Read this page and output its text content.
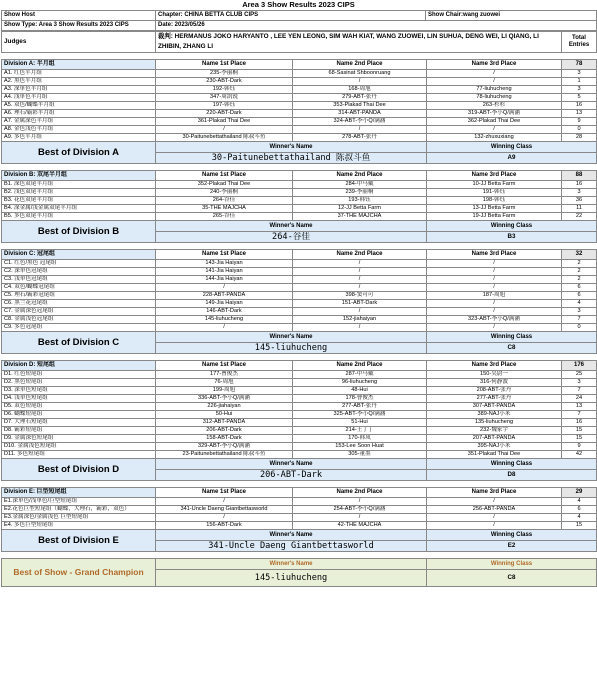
Area 3 Show Results 2023 CIPS
Show Host	Chapter: CHINA BETTA CLUB CIPS	Show Chair:wang zuowei
Show Type: Area 3 Show Results 2023 CIPS	Date: 2023/05/26	
Judges	裁判: HERMANUS JOKO HARYANTO , LEE YEN LEONG, SIM WAH KIAT, WANG ZUOWEI, LIN SUHUA, DENG WEI, LI QIANG, LI ZHIBIN, ZHANG LI	Total Entries

Division A: 半月组	Name 1st Place	Name 2nd Place	Name 3rd Place	78
A1. 红色半月组	235-李丽桐	68-Sasinat Shboonruang	/	3
A2. 黑色半月组	230-ABT-Dark	/	/	1
A3. 深单色半月组	192-韩钰	168-周旭	77-liuhucheng	3
A4. 浅单色半月组	347-周凯锐	279-ABT-张丹	78-liuhucheng	5
A5. 双色/蝴蝶半月组	197-韩钰	353-Plakad Thai Dee	263-杉杉	16
A6. 理石/霸彩半月组	220-ABT-Dark	314-ABT-PANDA	319-ABT-李小Q/满涵	13
A7. 金属深色半月组	361-Plakad Thai Dee	324-ABT-李小Q/满涵	362-Plakad Thai Dee	9
A8. 金色浅色半月组	/	/	/	0
A9. 多色半月组	30-Paitunebettathailand 陈叔斗鱼	278-ABT-张丹	132-zhuxuxiang	28
Best of Division A	Winner's Name		Winning Class	
	30-Paitunebettathailand 陈叔斗鱼		A9	

Division B: 双尾半月组	Name 1st Place	Name 2nd Place	Name 3rd Place	88
B1. 深色双尾半月组	352-Plakad Thai Dee	284-中马戴	10-JJ Betta Farm	16
B2. 浅色双尾半月组	240-李丽桐	239-李丽桐	191-韩钰	3
B3. 花色双尾半月组	264-谷佳	193-韩钰	198-韩钰	36
B4. 深金属/浅金属双尾半月组	35-THE MAJCHA	12-JJ Betta Farm	13-JJ Betta Farm	11
B5. 多色双尾半月组	265-谷佳	37-THE MAJCHA	19-JJ Betta Farm	22
Best of Division B	Winner's Name		Winning Class	
	264-谷佳		B3	

Division C: 冠尾组	Name 1st Place	Name 2nd Place	Name 3rd Place	32
C1. 红色/黑色 冠尾组	143-Jia Haiyan	/	/	2
C2. 深单色冠尾组	141-Jia Haiyan	/	/	2
C3. 浅单色冠尾组	144-Jia Haiyan	/	/	2
C4. 双色/蝴蝶冠尾组	/	/	/	6
C5. 理石/霸彩冠尾组	228-ABT-PANDA	398-窦可可	187-周旭	6
C6. 黑兰花冠尾组	149-Jia Haiyan	151-ABT-Dark	/	4
C7. 金属深色冠尾组	146-ABT-Dark	/	/	3
C8. 金属浅色冠尾组	145-liuhucheng	152-jiahaiyan	323-ABT-李小Q/满涵	7
C9. 多色冠尾组	/	/	/	0
Best of Division C	Winner's Name		Winning Class	
	145-liuhucheng		C8	

Division D: 短尾组	Name 1st Place	Name 2nd Place	Name 3rd Place	176
D1. 红色短尾组	177-曹俊杰	287-中马戴	150-吴尉一	25
D2. 黑色短尾组	76-周旭	96-liuhucheng	316-何静波	3
D3. 深单色短尾组	199-周旭	48-Hui	208-ABT-张丹	7
D4. 浅单色短尾组	336-ABT-李小Q/满涵	178-曹俊杰	277-ABT-张丹	24
D5. 双色短尾组	226-jiahaiyan	277-ABT-张丹	307-ABT-PANDA	13
D6. 蝴蝶短尾组	50-Hui	325-ABT-李小Q/满涵	389-NAJ小米	7
D7. 大理石短尾组	312-ABT-PANDA	51-Hui	135-liuhucheng	16
D8. 霸彩短尾组	206-ABT-Dark	214-王丁丁	232-魏家宇	15
D9. 金属深色短尾组	158-ABT-Dark	170-韩凤	207-ABT-PANDA	15
D10. 金属浅色短尾组	329-ABT-李小Q/满涵	153-Lee Soon Huat	395-NAJ小米	9
D11. 多色短尾组	23-Paitunebettathailand 陈叔斗鱼	305-董墨	351-Plakad Thai Dee	42
Best of Division D	Winner's Name		Winning Class	
	206-ABT-Dark		D8	

Division E: 巨型短尾组	Name 1st Place	Name 2nd Place	Name 3rd Place	29
E1.深单色/浅单色/巨型短尾组	/	/	/	4
E2.花色巨型短尾组（蝴蝶，大理石，霸彩，双色）	341-Uncle Daeng Giantbettasworld	254-ABT-李小Q/满涵	256-ABT-PANDA	6
E3.金属深色/金属浅色 巨型短尾组	/	/	/	4
E4. 多色巨型短尾组	156-ABT-Dark	42-THE MAJCHA	/	15
Best of Division E	Winner's Name		Winning Class	
	341-Uncle Daeng Giantbettasworld		E2	

Best of Show - Grand Champion	Winner's Name	Winning Class
	145-liuhucheng	C8
